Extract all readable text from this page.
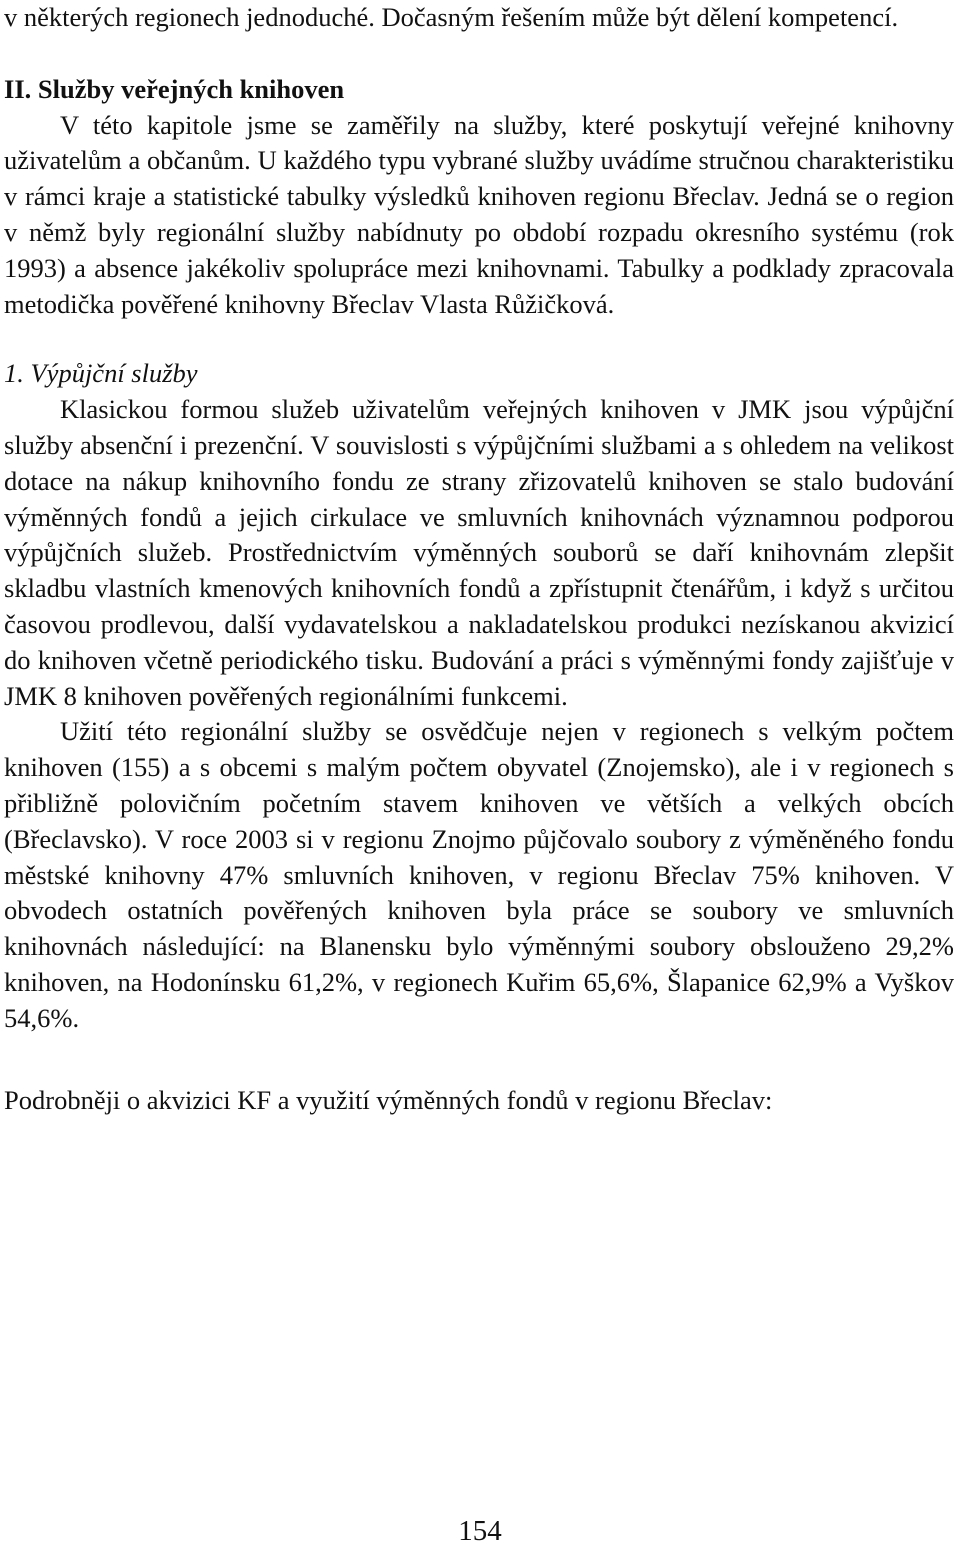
v některých regionech jednoduché. Dočasným řešením může být dělení kompetencí.

II. Služby veřejných knihoven

V této kapitole jsme se zaměřily na služby, které poskytují veřejné knihovny uživatelům a občanům. U každého typu vybrané služby uvádíme stručnou charakteristiku v rámci kraje a statistické tabulky výsledků knihoven regionu Břeclav. Jedná se o region v němž byly regionální služby nabídnuty po období rozpadu okresního systému (rok 1993) a absence jakékoliv spolupráce mezi knihovnami. Tabulky a podklady zpracovala metodička pověřené knihovny Břeclav Vlasta Růžičková.

1. Výpůjční služby

Klasickou formou služeb uživatelům veřejných knihoven v JMK jsou výpůjční služby absenční i prezenční. V souvislosti s výpůjčními službami a s ohledem na velikost dotace na nákup knihovního fondu ze strany zřizovatelů knihoven se stalo budování výměnných fondů a jejich cirkulace ve smluvních knihovnách významnou podporou výpůjčních služeb. Prostřednictvím výměnných souborů se daří knihovnám zlepšit skladbu vlastních kmenových knihovních fondů a zpřístupnit čtenářům, i když s určitou časovou prodlevou, další vydavatelskou a nakladatelskou produkci nezískanou akvizicí do knihoven včetně periodického tisku. Budování a práci s výměnnými fondy zajišťuje v JMK 8 knihoven pověřených regionálními funkcemi.

Užití této regionální služby se osvědčuje nejen v regionech s velkým počtem knihoven (155) a s obcemi s malým počtem obyvatel (Znojemsko), ale i v regionech s přibližně polovičním početním stavem knihoven ve větších a velkých obcích (Břeclavsko). V roce 2003 si v regionu Znojmo půjčovalo soubory z výměněného fondu městské knihovny 47% smluvních knihoven, v regionu Břeclav 75% knihoven. V obvodech ostatních pověřených knihoven byla práce se soubory ve smluvních knihovnách následující: na Blanensku bylo výměnnými soubory obslouženo 29,2% knihoven, na Hodonínsku 61,2%, v regionech Kuřim 65,6%, Šlapanice 62,9% a Vyškov 54,6%.

Podrobněji o akvizici KF a využití výměnných fondů v regionu Břeclav:

154
